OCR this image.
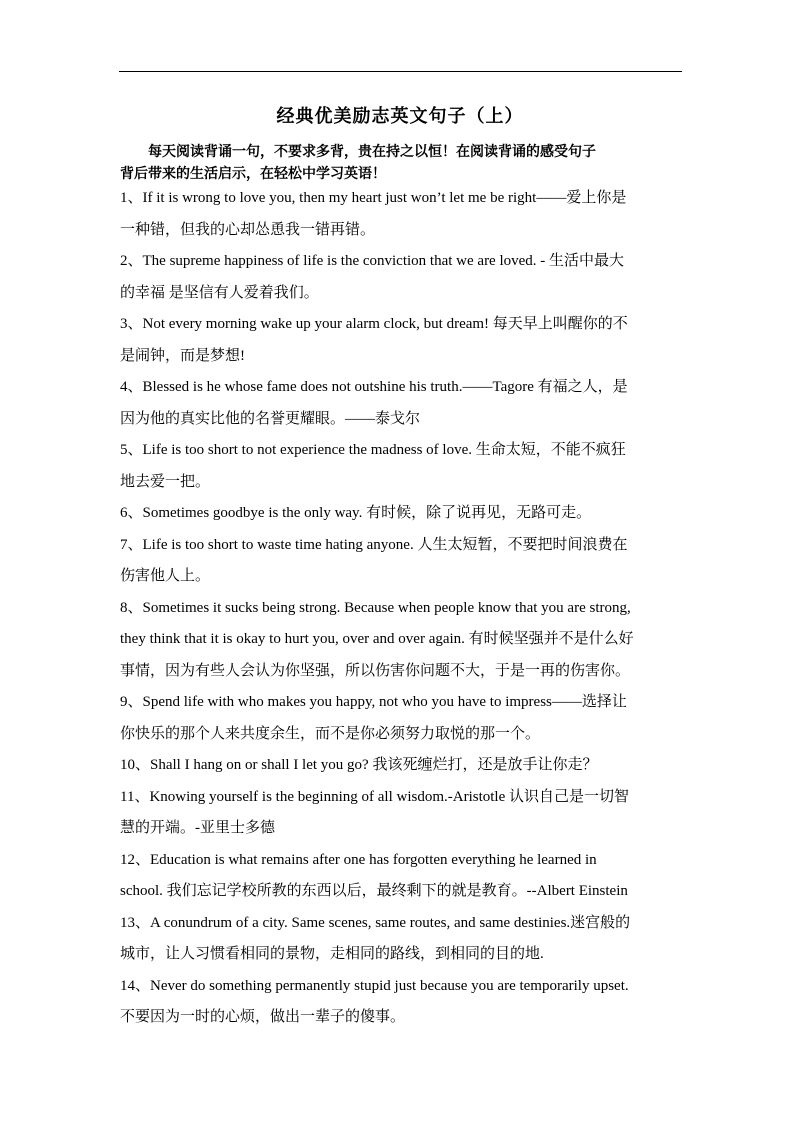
经典优美励志英文句子（上）
每天阅读背诵一句，不要求多背，贵在持之以恒！在阅读背诵的感受句子
背后带来的生活启示，在轻松中学习英语！
1、If it is wrong to love you, then my heart just won’t let me be right——爱上你是
一种错，但我的心却怂恿我一错再错。
2、The supreme happiness of life is the conviction that we are loved. - 生活中最大
的幸福 是坚信有人爱着我们。
3、Not every morning wake up your alarm clock, but dream! 每天早上叫醒你的不
是闹钟，而是梦想!
4、Blessed is he whose fame does not outshine his truth.——Tagore 有福之人，是
因为他的真实比他的名誉更耀眼。——泰戈尔
5、Life is too short to not experience the madness of love. 生命太短，不能不疯狂
地去爱一把。
6、Sometimes goodbye is the only way. 有时候，除了说再见，无路可走。
7、Life is too short to waste time hating anyone. 人生太短暂，不要把时间浪费在
伤害他人上。
8、Sometimes it sucks being strong. Because when people know that you are strong,
they think that it is okay to hurt you, over and over again. 有时候坚强并不是什么好
事情，因为有些人会认为你坚强，所以伤害你问题不大，于是一再的伤害你。
9、Spend life with who makes you happy, not who you have to impress——选择让
你快乐的那个人来共度余生，而不是你必须努力取悦的那一个。
10、Shall I hang on or shall I let you go? 我该死缠烂打，还是放手让你走？
11、Knowing yourself is the beginning of all wisdom.-Aristotle 认识自己是一切智
慧的开端。-亚里士多德
12、Education is what remains after one has forgotten everything he learned in
school. 我们忘记学校所教的东西以后，最终剩下的就是教育。--Albert Einstein
13、A conundrum of a city. Same scenes, same routes, and same destinies.迷宫般的
城市，让人习惯看相同的景物，走相同的路线，到相同的目的地.
14、Never do something permanently stupid just because you are temporarily upset.
不要因为一时的心烦，做出一辈子的傻事。
